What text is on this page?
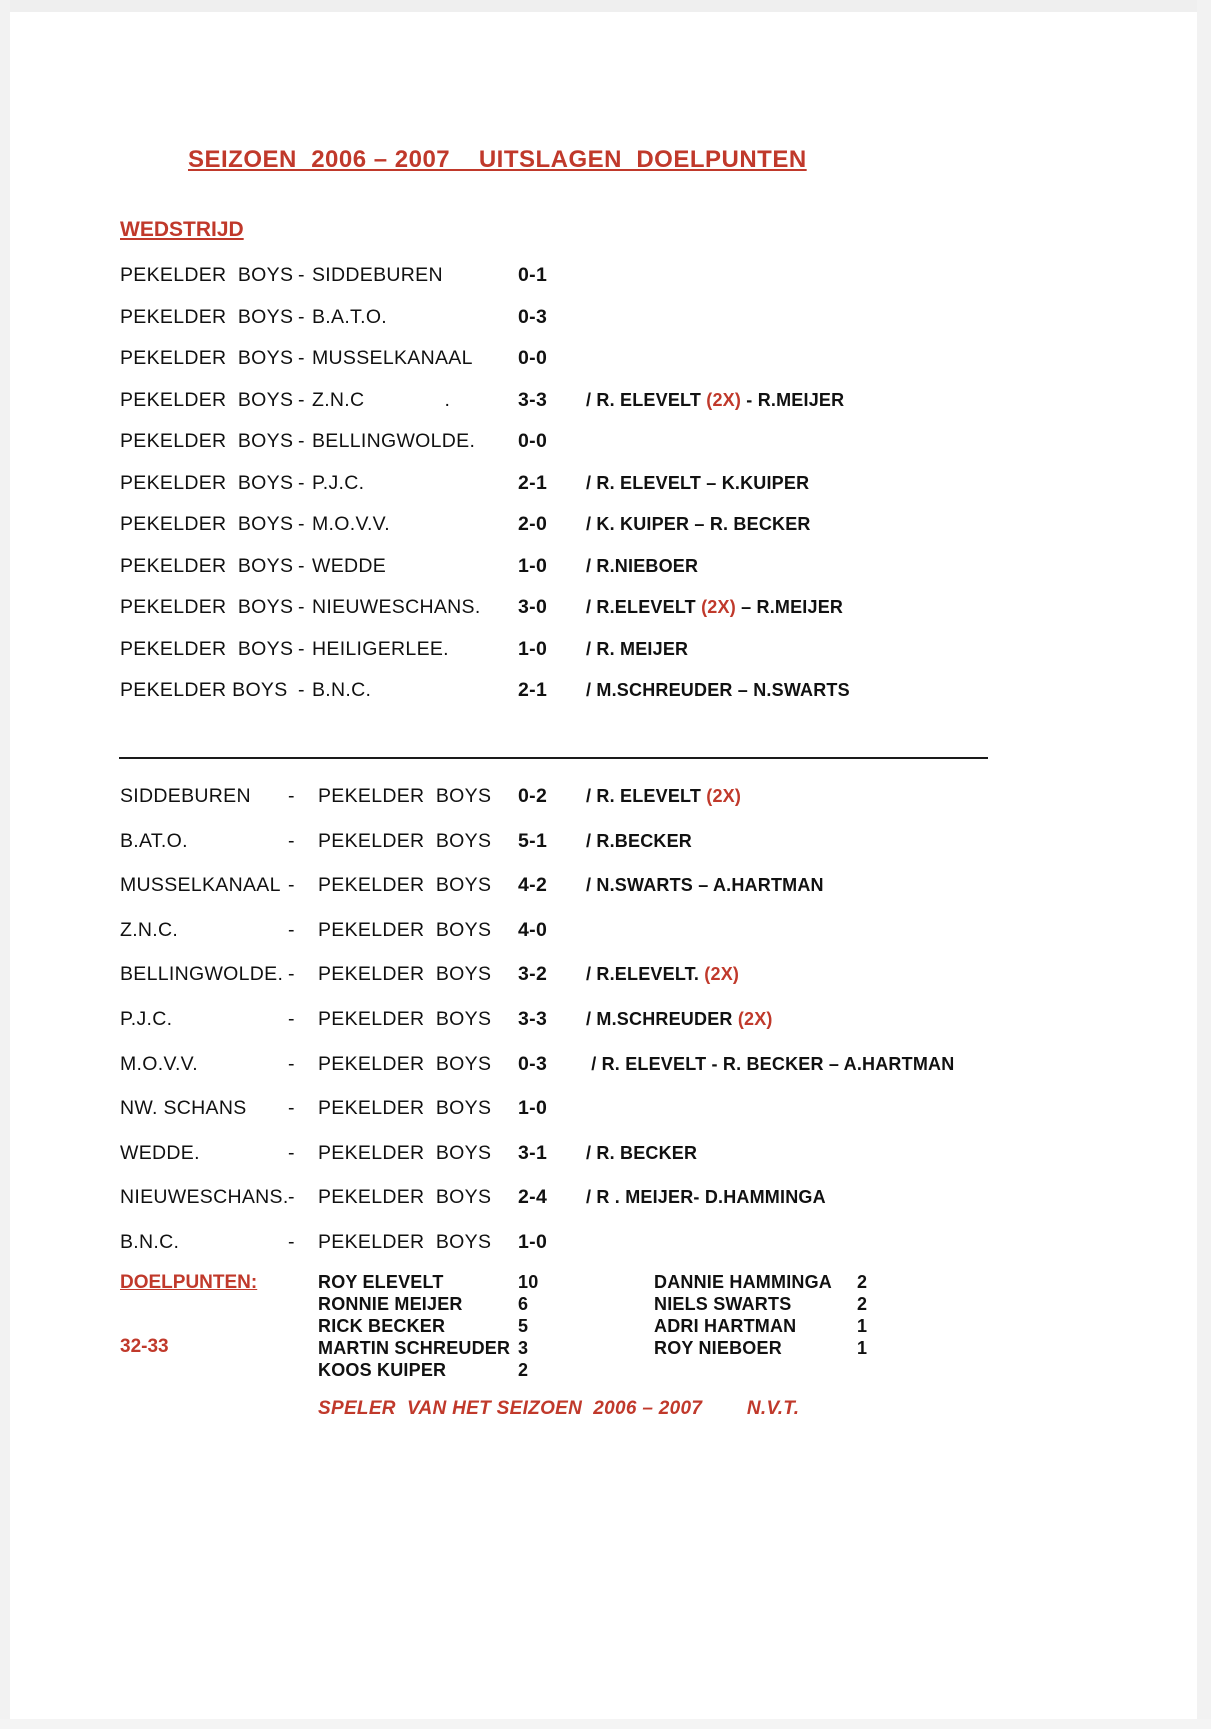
SEIZOEN  2006 – 2007    UITSLAGEN  DOELPUNTEN
WEDSTRIJD
PEKELDER  BOYS - SIDDEBUREN	0-1
PEKELDER  BOYS - B.A.T.O.	0-3
PEKELDER  BOYS - MUSSELKANAAL 0-0
PEKELDER  BOYS - Z.N.C              .	3-3 / R. ELEVELT (2X) - R.MEIJER
PEKELDER  BOYS - BELLINGWOLDE. 0-0
PEKELDER  BOYS - P.J.C.	2-1 / R. ELEVELT – K.KUIPER
PEKELDER  BOYS - M.O.V.V.	2-0 / K. KUIPER – R. BECKER
PEKELDER  BOYS - WEDDE	1-0 / R.NIEBOER
PEKELDER  BOYS - NIEUWESCHANS. 3-0 / R.ELEVELT (2X) – R.MEIJER
PEKELDER  BOYS - HEILIGERLEE.	1-0 / R. MEIJER
PEKELDER BOYS - B.N.C.	2-1 / M.SCHREUDER – N.SWARTS
SIDDEBUREN - PEKELDER  BOYS 0-2 / R. ELEVELT (2X)
B.AT.O.	- PEKELDER  BOYS 5-1 / R.BECKER
MUSSELKANAAL - PEKELDER  BOYS 4-2 / N.SWARTS – A.HARTMAN
Z.N.C.	- PEKELDER  BOYS 4-0
BELLINGWOLDE. - PEKELDER  BOYS 3-2 / R.ELEVELT. (2X)
P.J.C.	- PEKELDER  BOYS 3-3 / M.SCHREUDER (2X)
M.O.V.V.	- PEKELDER  BOYS 0-3 / R. ELEVELT - R. BECKER – A.HARTMAN
NW. SCHANS - PEKELDER  BOYS 1-0
WEDDE.	- PEKELDER  BOYS 3-1 / R. BECKER
NIEUWESCHANS. - PEKELDER  BOYS 2-4 / R . MEIJER- D.HAMMINGA
B.N.C.	- PEKELDER  BOYS 1-0
DOELPUNTEN:
32-33
ROY ELEVELT	10
RONNIE MEIJER	6
RICK BECKER	5
MARTIN SCHREUDER 3
KOOS KUIPER	2
DANNIE HAMMINGA 2
NIELS SWARTS	2
ADRI HARTMAN	1
ROY NIEBOER	1
SPELER  VAN HET SEIZOEN  2006 – 2007        N.V.T.
